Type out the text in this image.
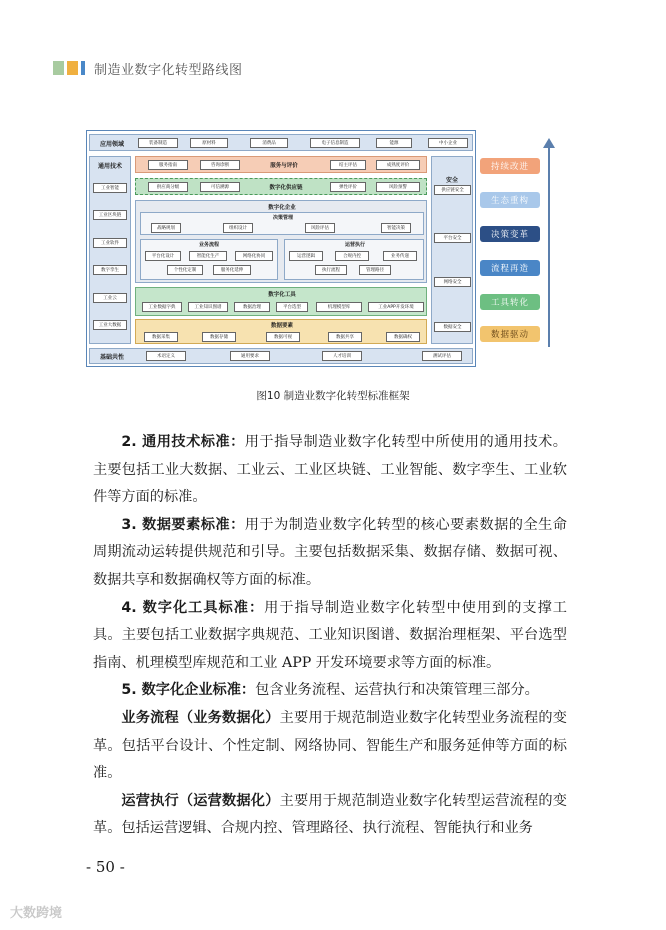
制造业数字化转型路线图
应用领域	装备制造	原材料	消费品	电子信息制造	能源	中小企业
通用技术
工业智能
工业区块链
工业软件
数字孪生
工业云
工业大数据
安全
供应链安全
平台安全
网络安全
数据安全
服务指南	咨询诊断	服务与评价	结主评估	成熟度评价
供应商分级	可信溯源	数字化供应链	弹性评价	风险预警
数字化企业
决策管理
战略规划	组织设计	风险评估	智能决策
业务流程
平台化设计	智能化生产	网络化协同
个性化定制	服务化延伸
运营执行
运营逻辑	合规内控	业务传递
执行流程	管理路径
数字化工具
工业数据字典	工业知识图谱	数据治理	平台选型	机理模型库	工业APP开发环境
数据要素
数据采集	数据存储	数据可视	数据共享	数据确权
基础共性	术语定义	通用要求	人才培训	测试评估
持续改进
生态重构
决策变革
流程再造
工具转化
数据驱动
图10 制造业数字化转型标准框架

2. 通用技术标准：用于指导制造业数字化转型中所使用的通用技术。主要包括工业大数据、工业云、工业区块链、工业智能、数字孪生、工业软件等方面的标准。

3. 数据要素标准：用于为制造业数字化转型的核心要素数据的全生命周期流动运转提供规范和引导。主要包括数据采集、数据存储、数据可视、数据共享和数据确权等方面的标准。

4. 数字化工具标准：用于指导制造业数字化转型中使用到的支撑工具。主要包括工业数据字典规范、工业知识图谱、数据治理框架、平台选型指南、机理模型库规范和工业 APP 开发环境要求等方面的标准。

5. 数字化企业标准：包含业务流程、运营执行和决策管理三部分。

业务流程（业务数据化）主要用于规范制造业数字化转型业务流程的变革。包括平台设计、个性定制、网络协同、智能生产和服务延伸等方面的标准。

运营执行（运营数据化）主要用于规范制造业数字化转型运营流程的变革。包括运营逻辑、合规内控、管理路径、执行流程、智能执行和业务

- 50 -
大数跨境
